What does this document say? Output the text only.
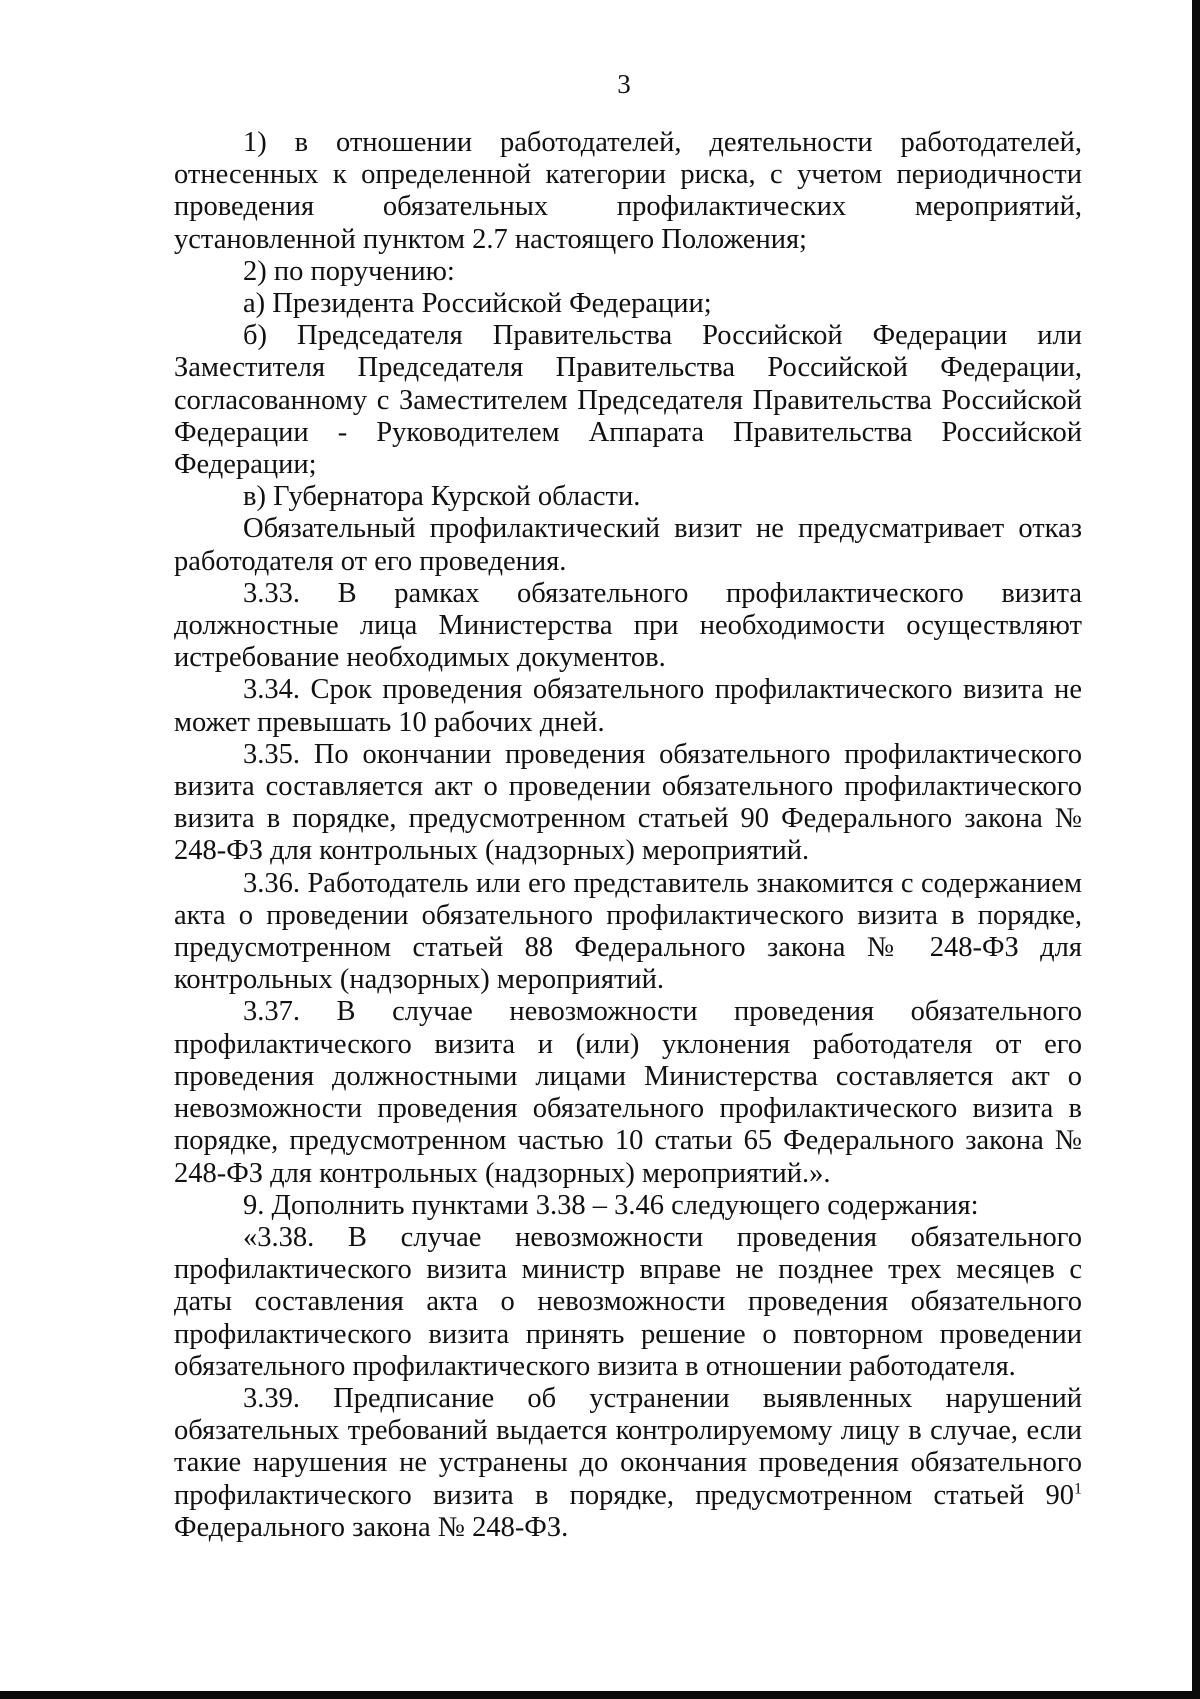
3

1) в отношении работодателей, деятельности работодателей, отнесенных к определенной категории риска, с учетом периодичности проведения обязательных профилактических мероприятий, установленной пунктом 2.7 настоящего Положения;

2) по поручению:

а) Президента Российской Федерации;

б) Председателя Правительства Российской Федерации или Заместителя Председателя Правительства Российской Федерации, согласованному с Заместителем Председателя Правительства Российской Федерации - Руководителем Аппарата Правительства Российской Федерации;

в) Губернатора Курской области.

Обязательный профилактический визит не предусматривает отказ работодателя от его проведения.

3.33. В рамках обязательного профилактического визита должностные лица Министерства при необходимости осуществляют истребование необходимых документов.

3.34. Срок проведения обязательного профилактического визита не может превышать 10 рабочих дней.

3.35. По окончании проведения обязательного профилактического визита составляется акт о проведении обязательного профилактического визита в порядке, предусмотренном статьей 90 Федерального закона № 248-ФЗ для контрольных (надзорных) мероприятий.

3.36. Работодатель или его представитель знакомится с содержанием акта о проведении обязательного профилактического визита в порядке, предусмотренном статьей 88 Федерального закона № 248-ФЗ для контрольных (надзорных) мероприятий.

3.37. В случае невозможности проведения обязательного профилактического визита и (или) уклонения работодателя от его проведения должностными лицами Министерства составляется акт о невозможности проведения обязательного профилактического визита в порядке, предусмотренном частью 10 статьи 65 Федерального закона № 248-ФЗ для контрольных (надзорных) мероприятий.».

9. Дополнить пунктами 3.38 – 3.46 следующего содержания:

«3.38. В случае невозможности проведения обязательного профилактического визита министр вправе не позднее трех месяцев с даты составления акта о невозможности проведения обязательного профилактического визита принять решение о повторном проведении обязательного профилактического визита в отношении работодателя.

3.39. Предписание об устранении выявленных нарушений обязательных требований выдается контролируемому лицу в случае, если такие нарушения не устранены до окончания проведения обязательного профилактического визита в порядке, предусмотренном статьей $90^1$ Федерального закона № 248-ФЗ.
